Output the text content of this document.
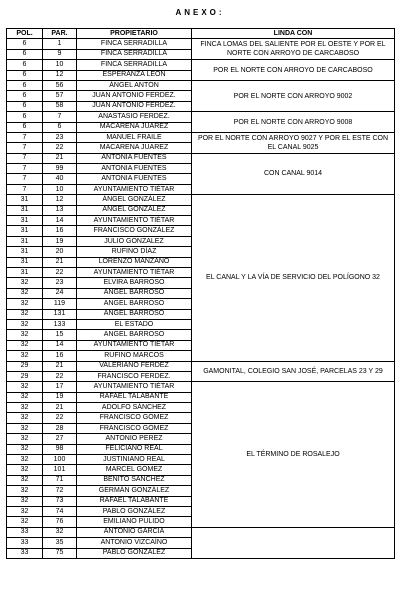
ANEXO:
POL.	PAR.	PROPIETARIO	LINDA CON
6	1	FINCA SERRADILLA	FINCA LOMAS DEL SALIENTE POR EL OESTE Y POR EL NORTE CON ARROYO DE CARCABOSO
6	9	FINCA SERRADILLA	
6	10	FINCA SERRADILLA	POR EL NORTE CON ARROYO DE CARCABOSO
6	12	ESPERANZA LEÓN	
6	56	ÁNGEL ANTÓN	POR EL NORTE CON ARROYO 9002
6	57	JUAN ANTONIO FERDEZ.	
6	58	JUAN ANTONIO FERDEZ.	
6	7	ANASTASIO FERDEZ.	POR EL NORTE CON ARROYO 9008
6	6	MACARENA JUAREZ	
7	23	MANUEL FRAILE	POR EL NORTE CON ARROYO 9027 Y POR EL ESTE CON EL CANAL 9025
7	22	MACARENA JUAREZ	
7	21	ANTONIA FUENTES	CON CANAL 9014
7	99	ANTONIA FUENTES	
7	40	ANTONIA FUENTES	
7	10	AYUNTAMIENTO TIÉTAR	
31	12	ÁNGEL GONZÁLEZ	EL CANAL Y LA VÍA DE SERVICIO DEL POLÍGONO 32
31	13	ÁNGEL GONZÁLEZ	
31	14	AYUNTAMIENTO TIÉTAR	
31	16	FRANCISCO GONZÁLEZ	
31	19	JULIO GONZALEZ	
31	20	RUFINO DÍAZ	
31	21	LORENZO MANZANO	
31	22	AYUNTAMIENTO TIÉTAR	
32	23	ELVIRA BARROSO	
32	24	ANGEL BARROSO	
32	119	ANGEL BARROSO	
32	131	ANGEL BARROSO	
32	133	EL ESTADO	
32	15	ANGEL BARROSO	
32	14	AYUNTAMIENTO TIÉTAR	
32	16	RUFINO MARCOS	
29	21	VALERIANO FERDEZ	GAMONITAL, COLEGIO SAN JOSÉ, PARCELAS 23 Y 29
29	22	FRANCISCO FERDEZ.	
32	17	AYUNTAMIENTO TIÉTAR	EL TÉRMINO DE ROSALEJO
32	19	RAFAEL TALABANTE	
32	21	ADOLFO SÁNCHEZ	
32	22	FRANCISCO GÓMEZ	
32	28	FRANCISCO GÓMEZ	
32	27	ANTONIO PEREZ	
32	98	FELICIANO REAL	
32	100	JUSTINIANO REAL	
32	101	MARCEL GÓMEZ	
32	71	BENITO SÁNCHEZ	
32	72	GERMÁN GONZÁLEZ	
32	73	RAFAEL TALABANTE	
32	74	PABLO GONZÁLEZ	
32	76	EMILIANO PULIDO	
33	32	ANTONIO GARCÍA	
33	35	ANTONIO VIZCAÍNO	
33	75	PABLO GONZÁLEZ	
